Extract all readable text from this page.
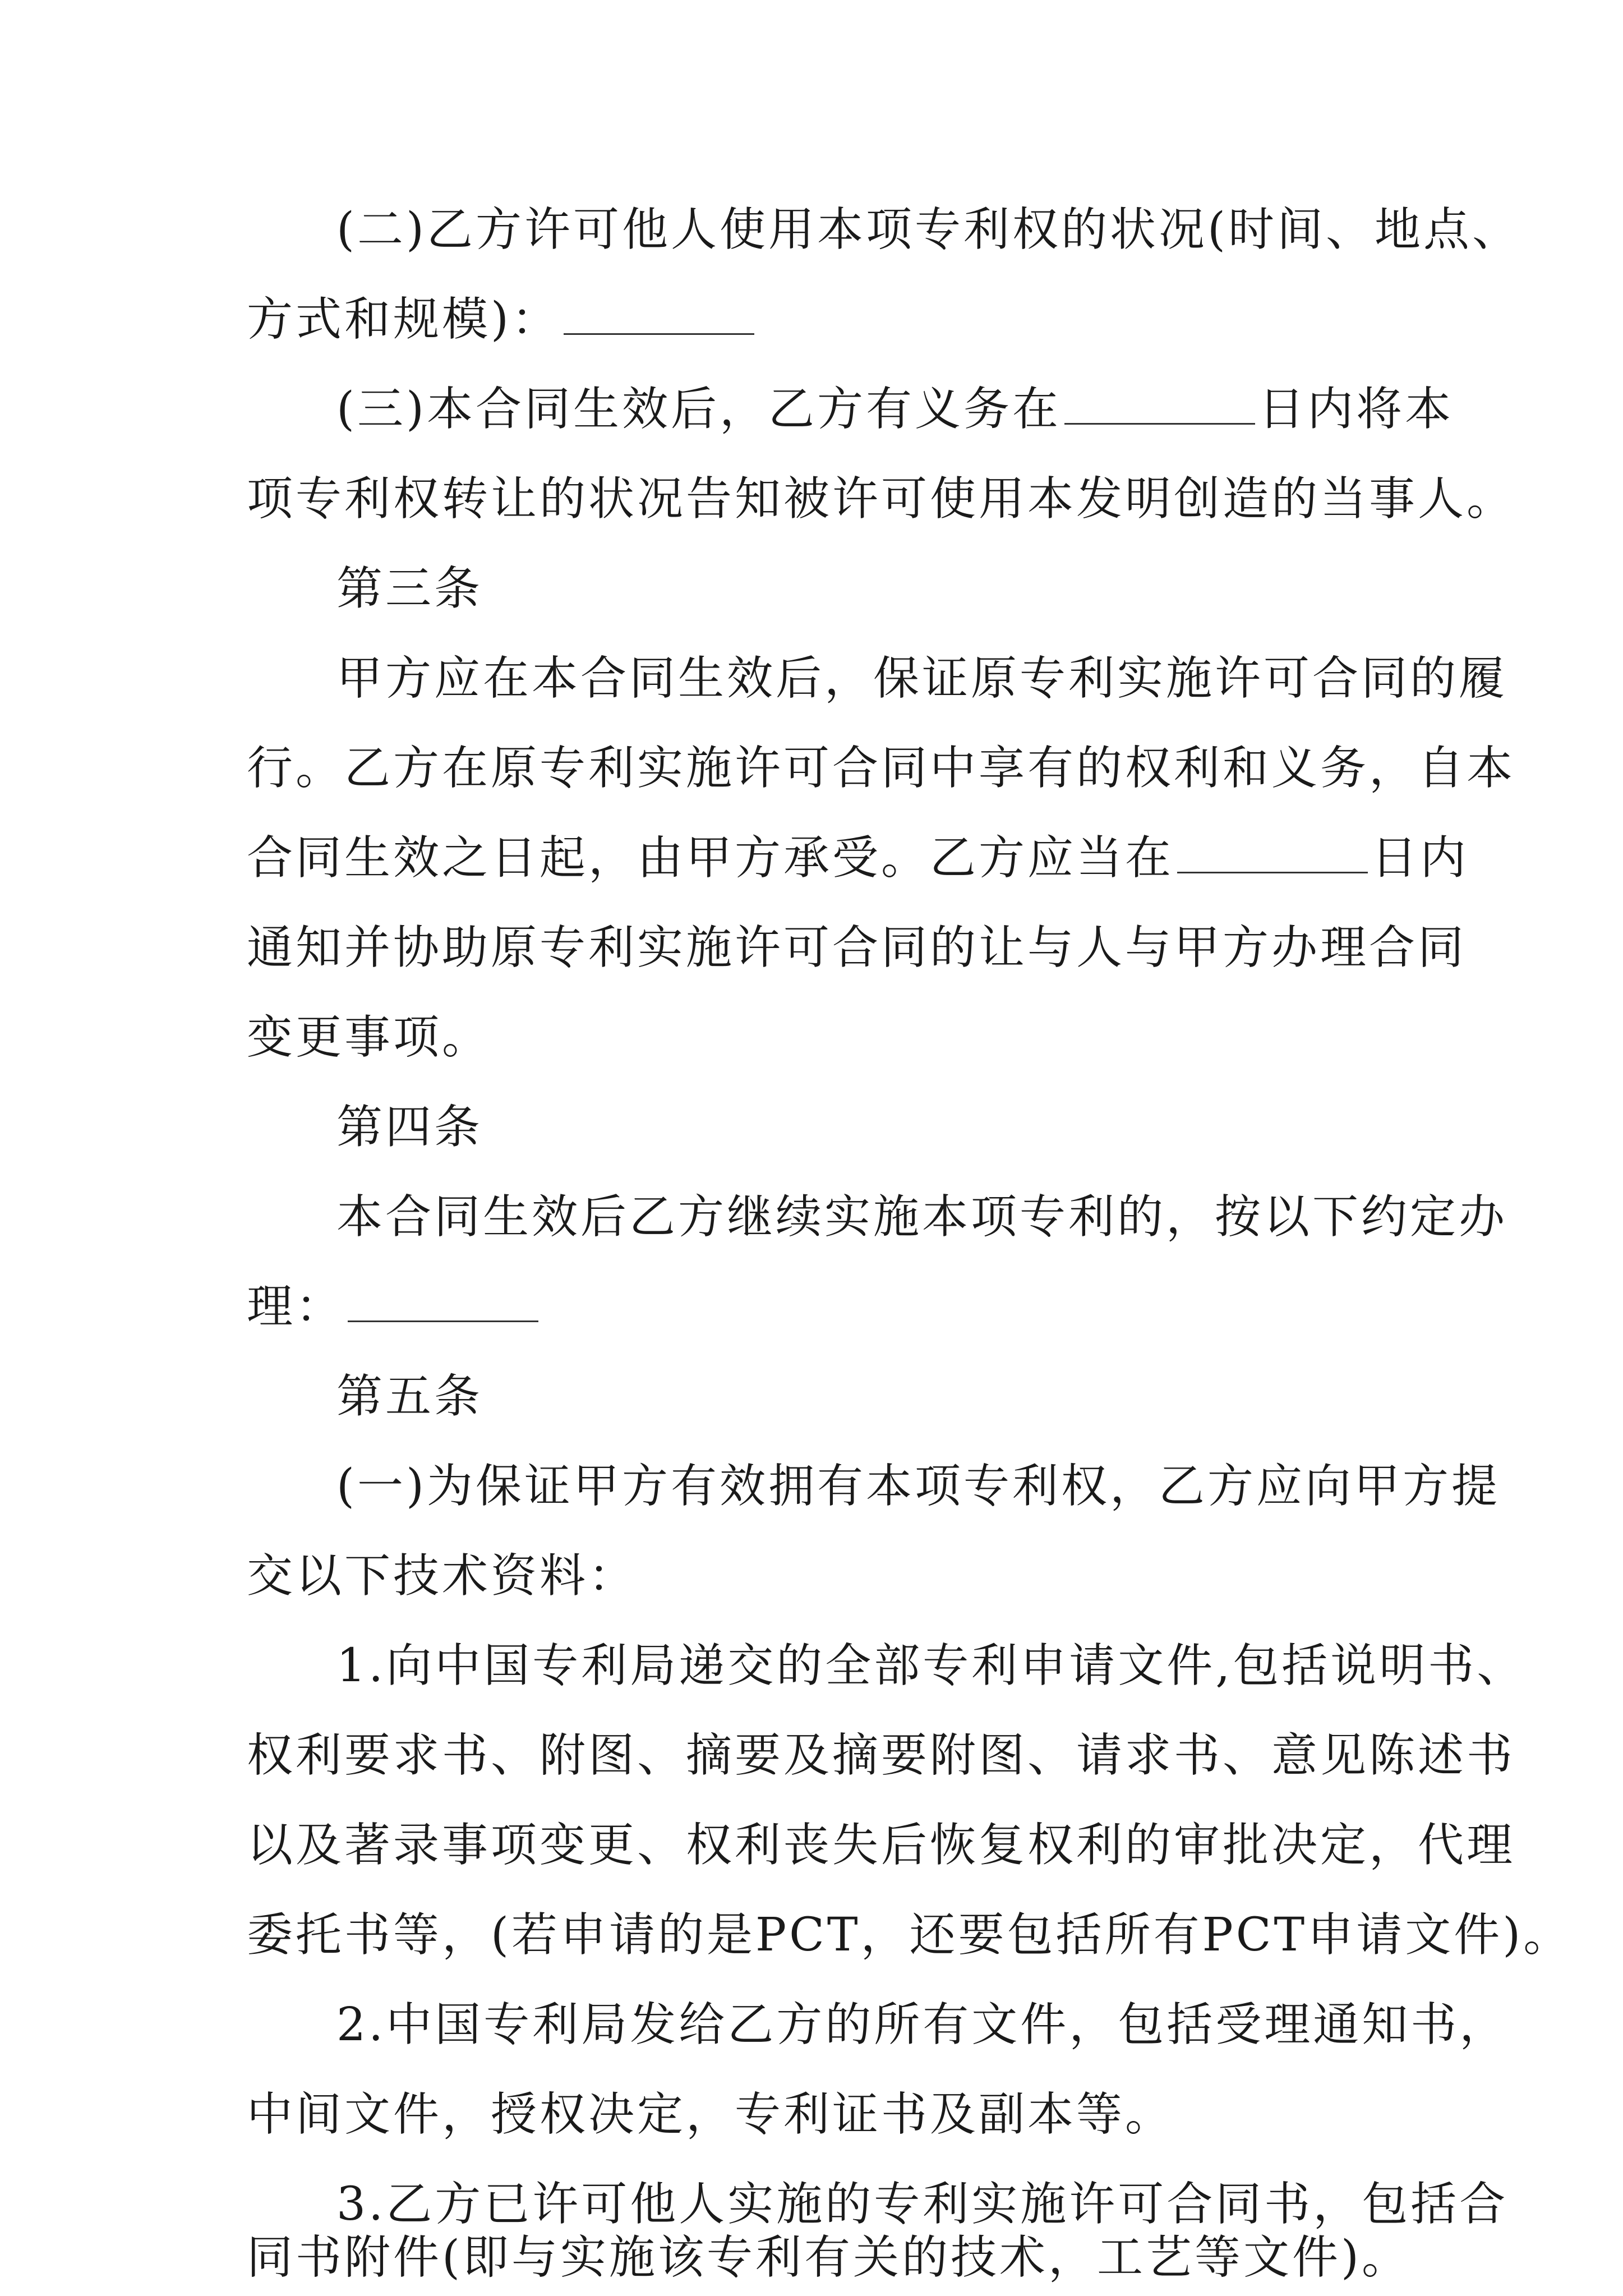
(二)乙方许可他人使用本项专利权的状况(时间、地点、
方式和规模)：
(三)本合同生效后，乙方有义务在	日内将本
项专利权转让的状况告知被许可使用本发明创造的当事人。
第三条
甲方应在本合同生效后，保证原专利实施许可合同的履
行。乙方在原专利实施许可合同中享有的权利和义务，自本
合同生效之日起，由甲方承受。乙方应当在	日内
通知并协助原专利实施许可合同的让与人与甲方办理合同
变更事项。
第四条
本合同生效后乙方继续实施本项专利的，按以下约定办
理：
第五条
(一)为保证甲方有效拥有本项专利权，乙方应向甲方提
交以下技术资料：
1.向中国专利局递交的全部专利申请文件,包括说明书、
权利要求书、附图、摘要及摘要附图、请求书、意见陈述书
以及著录事项变更、权利丧失后恢复权利的审批决定，代理
委托书等，(若申请的是PCT，还要包括所有PCT申请文件)。
2.中国专利局发给乙方的所有文件，包括受理通知书，
中间文件，授权决定，专利证书及副本等。
3.乙方已许可他人实施的专利实施许可合同书，包括合
同书附件(即与实施该专利有关的技术，工艺等文件)。
